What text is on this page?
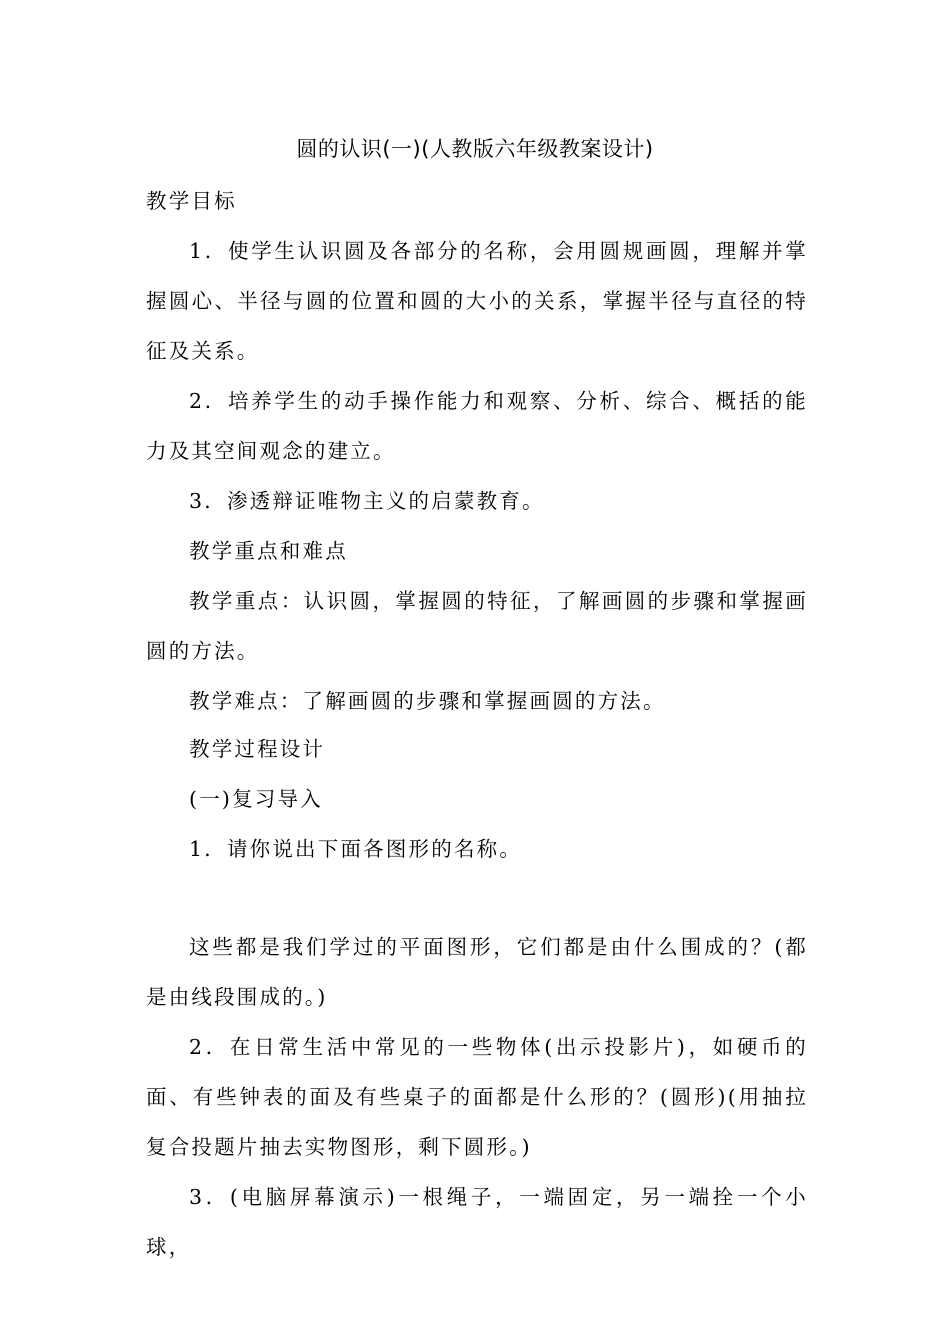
圆的认识(一)(人教版六年级教案设计)

教学目标

1．使学生认识圆及各部分的名称，会用圆规画圆，理解并掌握圆心、半径与圆的位置和圆的大小的关系，掌握半径与直径的特征及关系。

2．培养学生的动手操作能力和观察、分析、综合、概括的能力及其空间观念的建立。

3．渗透辩证唯物主义的启蒙教育。

教学重点和难点

教学重点：认识圆，掌握圆的特征，了解画圆的步骤和掌握画圆的方法。

教学难点：了解画圆的步骤和掌握画圆的方法。

教学过程设计

(一)复习导入

1．请你说出下面各图形的名称。

这些都是我们学过的平面图形，它们都是由什么围成的？(都是由线段围成的。)

2．在日常生活中常见的一些物体(出示投影片)，如硬币的面、有些钟表的面及有些桌子的面都是什么形的？(圆形)(用抽拉复合投题片抽去实物图形，剩下圆形。)

3．(电脑屏幕演示)一根绳子，一端固定，另一端拴一个小球，
